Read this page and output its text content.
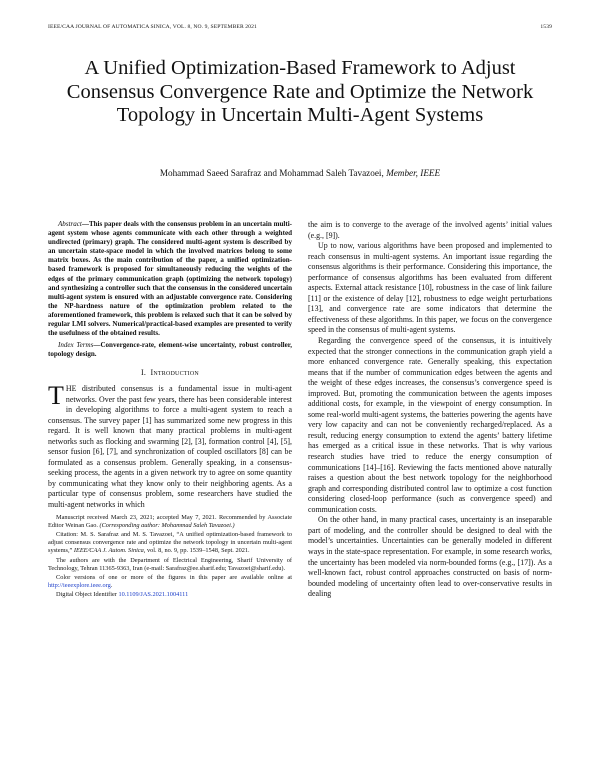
IEEE/CAA JOURNAL OF AUTOMATICA SINICA, VOL. 8, NO. 9, SEPTEMBER 2021	1539
A Unified Optimization-Based Framework to Adjust Consensus Convergence Rate and Optimize the Network Topology in Uncertain Multi-Agent Systems
Mohammad Saeed Sarafraz and Mohammad Saleh Tavazoei, Member, IEEE

Abstract—This paper deals with the consensus problem in an uncertain multi-agent system whose agents communicate with each other through a weighted undirected (primary) graph. The considered multi-agent system is described by an uncertain state-space model in which the involved matrices belong to some matrix boxes. As the main contribution of the paper, a unified optimization-based framework is proposed for simultaneously reducing the weights of the edges of the primary communication graph (optimizing the network topology) and synthesizing a controller such that the consensus in the considered uncertain multi-agent system is ensured with an adjustable convergence rate. Considering the NP-hardness nature of the optimization problem related to the aforementioned framework, this problem is relaxed such that it can be solved by regular LMI solvers. Numerical/practical-based examples are presented to verify the usefulness of the obtained results.

Index Terms—Convergence-rate, element-wise uncertainty, robust controller, topology design.

I. Introduction

THE distributed consensus is a fundamental issue in multi-agent networks. Over the past few years, there has been considerable interest in developing algorithms to force a multi-agent system to reach a consensus. The survey paper [1] has summarized some new progress in this regard. It is well known that many practical problems in multi-agent networks such as flocking and swarming [2], [3], formation control [4], [5], sensor fusion [6], [7], and synchronization of coupled oscillators [8] can be formulated as a consensus problem. Generally speaking, in a consensus-seeking process, the agents in a given network try to agree on some quantity by communicating what they know only to their neighboring agents. As a particular type of consensus problem, some researchers have studied the multi-agent networks in which

Manuscript received March 23, 2021; accepted May 7, 2021. Recommended by Associate Editor Weinan Gao. (Corresponding author: Mohammad Saleh Tavazoei.)

Citation: M. S. Sarafraz and M. S. Tavazoei, “A unified optimization-based framework to adjust consensus convergence rate and optimize the network topology in uncertain multi-agent systems,” IEEE/CAA J. Autom. Sinica, vol. 8, no. 9, pp. 1539–1548, Sept. 2021.

The authors are with the Department of Electrical Engineering, Sharif University of Technology, Tehran 11365-9363, Iran (e-mail: Sarafraz@ee.sharif.edu; Tavazoei@sharif.edu).

Color versions of one or more of the figures in this paper are available online at http://ieeexplore.ieee.org.

Digital Object Identifier 10.1109/JAS.2021.1004111

the aim is to converge to the average of the involved agents’ initial values (e.g., [9]).

Up to now, various algorithms have been proposed and implemented to reach consensus in multi-agent systems. An important issue regarding the consensus algorithms is their performance. Considering this importance, the performance of consensus algorithms has been evaluated from different aspects. External attack resistance [10], robustness in the case of link failure [11] or the existence of delay [12], robustness to edge weight perturbations [13], and convergence rate are some indicators that determine the effectiveness of these algorithms. In this paper, we focus on the convergence speed in the consensus of multi-agent systems.

Regarding the convergence speed of the consensus, it is intuitively expected that the stronger connections in the communication graph yield a more enhanced convergence rate. Generally speaking, this expectation means that if the number of communication edges between the agents and the weight of these edges increases, the consensus’s convergence speed is improved. But, promoting the communication between the agents imposes additional costs, for example, in the viewpoint of energy consumption. In some real-world multi-agent systems, the batteries powering the agents have very low capacity and can not be conveniently recharged/replaced. As a result, reducing energy consumption to extend the agents’ battery lifetime has emerged as a critical issue in these networks. That is why various research studies have tried to reduce the energy consumption of communications [14]–[16]. Reviewing the facts mentioned above naturally raises a question about the best network topology for the neighborhood graph and corresponding distributed control law to optimize a cost function considering closed-loop performance (such as convergence speed) and communication costs.

On the other hand, in many practical cases, uncertainty is an inseparable part of modeling, and the controller should be designed to deal with the model’s uncertainties. Uncertainties can be generally modeled in different ways in the state-space representation. For example, in some research works, the uncertainty has been modeled via norm-bounded forms (e.g., [17]). As a well-known fact, robust control approaches constructed on basis of norm-bounded modeling of uncertainty often lead to over-conservative results in dealing
